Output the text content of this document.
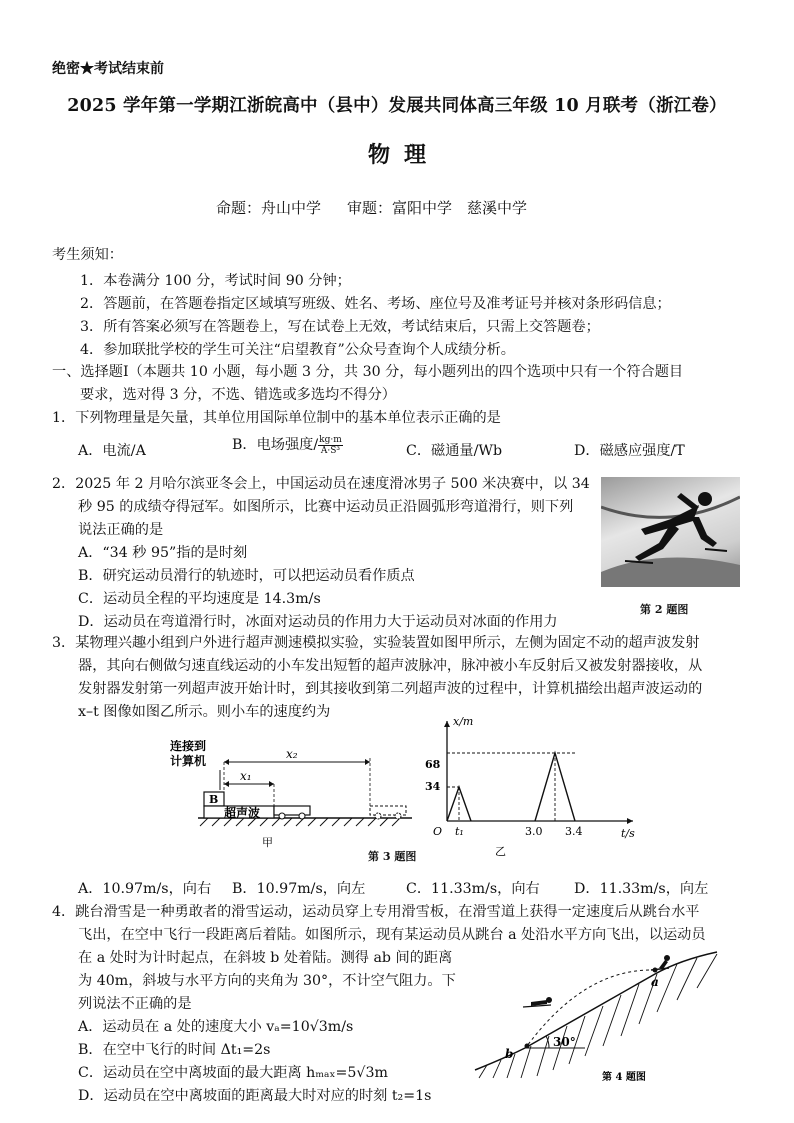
绝密★考试结束前
2025 学年第一学期江浙皖高中（县中）发展共同体高三年级 10 月联考（浙江卷）
物理
命题：舟山中学 审题：富阳中学　慈溪中学
考生须知：
1．本卷满分 100 分，考试时间 90 分钟；
2．答题前，在答题卷指定区域填写班级、姓名、考场、座位号及准考证号并核对条形码信息；
3．所有答案必须写在答题卷上，写在试卷上无效，考试结束后，只需上交答题卷；
4．参加联批学校的学生可关注“启望教育”公众号查询个人成绩分析。
一、选择题Ⅰ（本题共 10 小题，每小题 3 分，共 30 分，每小题列出的四个选项中只有一个符合题目
要求，选对得 3 分，不选、错选或多选均不得分）
1．下列物理量是矢量，其单位用国际单位制中的基本单位表示正确的是
A．电流/A	B．电场强度/ $\frac{kg\cdot m}{\text{A·S³}}$	C．磁通量/Wb	D．磁感应强度/T
2．2025 年 2 月哈尔滨亚冬会上，中国运动员在速度滑冰男子 500 米决赛中，以 34
秒 95 的成绩夺得冠军。如图所示，比赛中运动员正沿圆弧形弯道滑行，则下列
说法正确的是
A．“34 秒 95”指的是时刻
B．研究运动员滑行的轨迹时，可以把运动员看作质点
C．运动员全程的平均速度是 14.3m/s
D．运动员在弯道滑行时，冰面对运动员的作用力大于运动员对冰面的作用力
第 2 题图
3．某物理兴趣小组到户外进行超声测速模拟实验，实验装置如图甲所示，左侧为固定不动的超声波发射
器，其向右侧做匀速直线运动的小车发出短暂的超声波脉冲，脉冲被小车反射后又被发射器接收，从
发射器发射第一列超声波开始计时，到其接收到第二列超声波的过程中，计算机描绘出超声波运动的
x–t 图像如图乙所示。则小车的速度约为
B
连接到
计算机	x₂
x₁
超声波
甲
x/m
t/s
O
68
34
t₁	3.0 3.4
乙
第 3 题图
A．10.97m/s，向右 B．10.97m/s，向左	C．11.33m/s，向右 D．11.33m/s，向左
4．跳台滑雪是一种勇敢者的滑雪运动，运动员穿上专用滑雪板，在滑雪道上获得一定速度后从跳台水平
飞出，在空中飞行一段距离后着陆。如图所示，现有某运动员从跳台 a 处沿水平方向飞出，以运动员
在 a 处时为计时起点，在斜坡 b 处着陆。测得 ab 间的距离
为 40m，斜坡与水平方向的夹角为 30°，不计空气阻力。下
列说法不正确的是
A．运动员在 a 处的速度大小 vₐ=10√3m/s
B．在空中飞行的时间 Δt₁=2s
C．运动员在空中离坡面的最大距离 hₘₐₓ=5√3m
D．运动员在空中离坡面的距离最大时对应的时刻 t₂=1s
30°
a
b
第 4 题图
